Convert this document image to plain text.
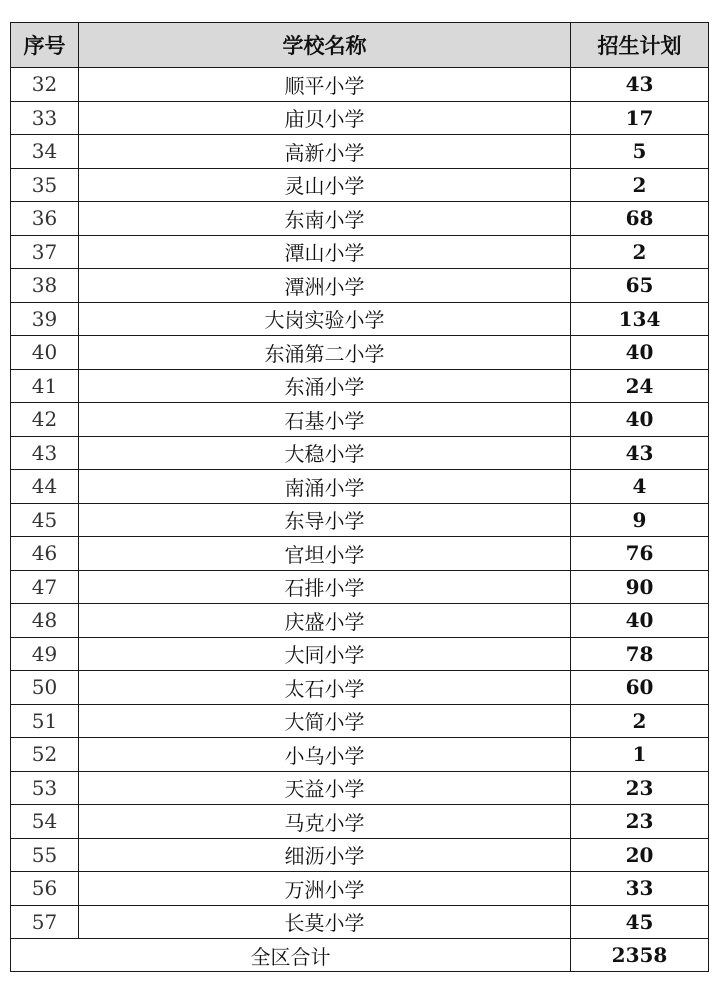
序号	学校名称	招生计划
32	顺平小学	43
33	庙贝小学	17
34	高新小学	5
35	灵山小学	2
36	东南小学	68
37	潭山小学	2
38	潭洲小学	65
39	大岗实验小学	134
40	东涌第二小学	40
41	东涌小学	24
42	石基小学	40
43	大稳小学	43
44	南涌小学	4
45	东导小学	9
46	官坦小学	76
47	石排小学	90
48	庆盛小学	40
49	大同小学	78
50	太石小学	60
51	大简小学	2
52	小乌小学	1
53	天益小学	23
54	马克小学	23
55	细沥小学	20
56	万洲小学	33
57	长莫小学	45
全区合计		2358
